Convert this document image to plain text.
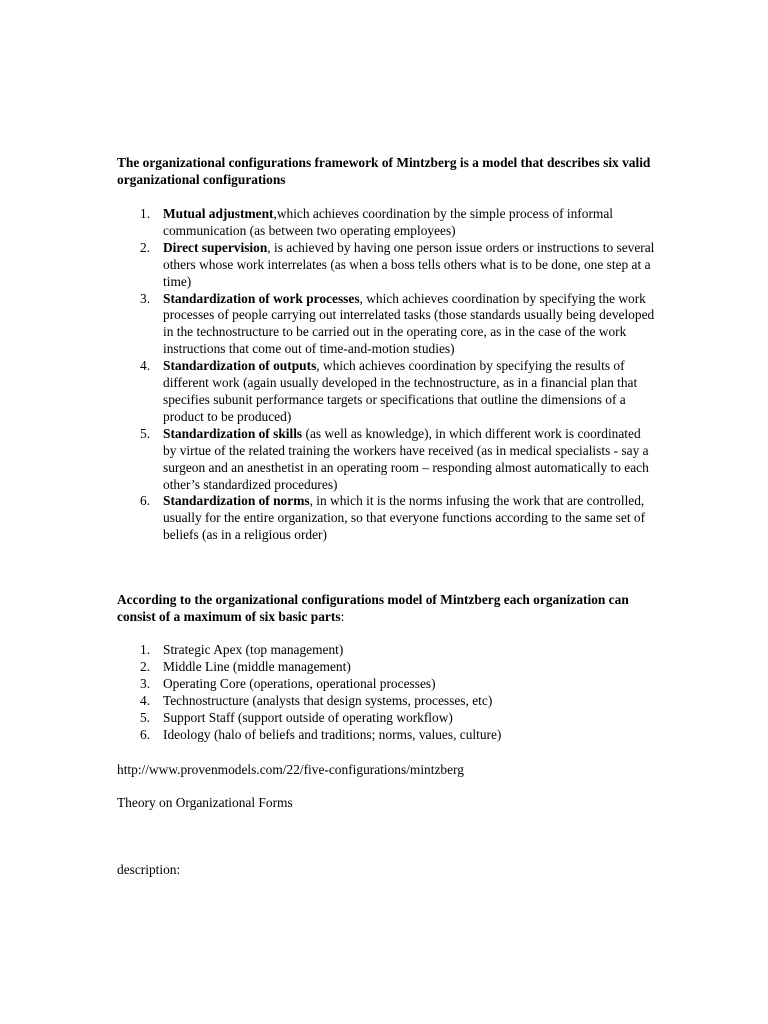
The organizational configurations framework of Mintzberg is a model that describes six valid organizational configurations
1. Mutual adjustment,which achieves coordination by the simple process of informal communication (as between two operating employees)
2. Direct supervision, is achieved by having one person issue orders or instructions to several others whose work interrelates (as when a boss tells others what is to be done, one step at a time)
3. Standardization of work processes, which achieves coordination by specifying the work processes of people carrying out interrelated tasks (those standards usually being developed in the technostructure to be carried out in the operating core, as in the case of the work instructions that come out of time-and-motion studies)
4. Standardization of outputs, which achieves coordination by specifying the results of different work (again usually developed in the technostructure, as in a financial plan that specifies subunit performance targets or specifications that outline the dimensions of a product to be produced)
5. Standardization of skills (as well as knowledge), in which different work is coordinated by virtue of the related training the workers have received (as in medical specialists - say a surgeon and an anesthetist in an operating room – responding almost automatically to each other’s standardized procedures)
6. Standardization of norms, in which it is the norms infusing the work that are controlled, usually for the entire organization, so that everyone functions according to the same set of beliefs (as in a religious order)
According to the organizational configurations model of Mintzberg each organization can consist of a maximum of six basic parts:
1. Strategic Apex (top management)
2. Middle Line (middle management)
3. Operating Core (operations, operational processes)
4. Technostructure (analysts that design systems, processes, etc)
5. Support Staff (support outside of operating workflow)
6. Ideology (halo of beliefs and traditions; norms, values, culture)
http://www.provenmodels.com/22/five-configurations/mintzberg
Theory on Organizational Forms
description:
